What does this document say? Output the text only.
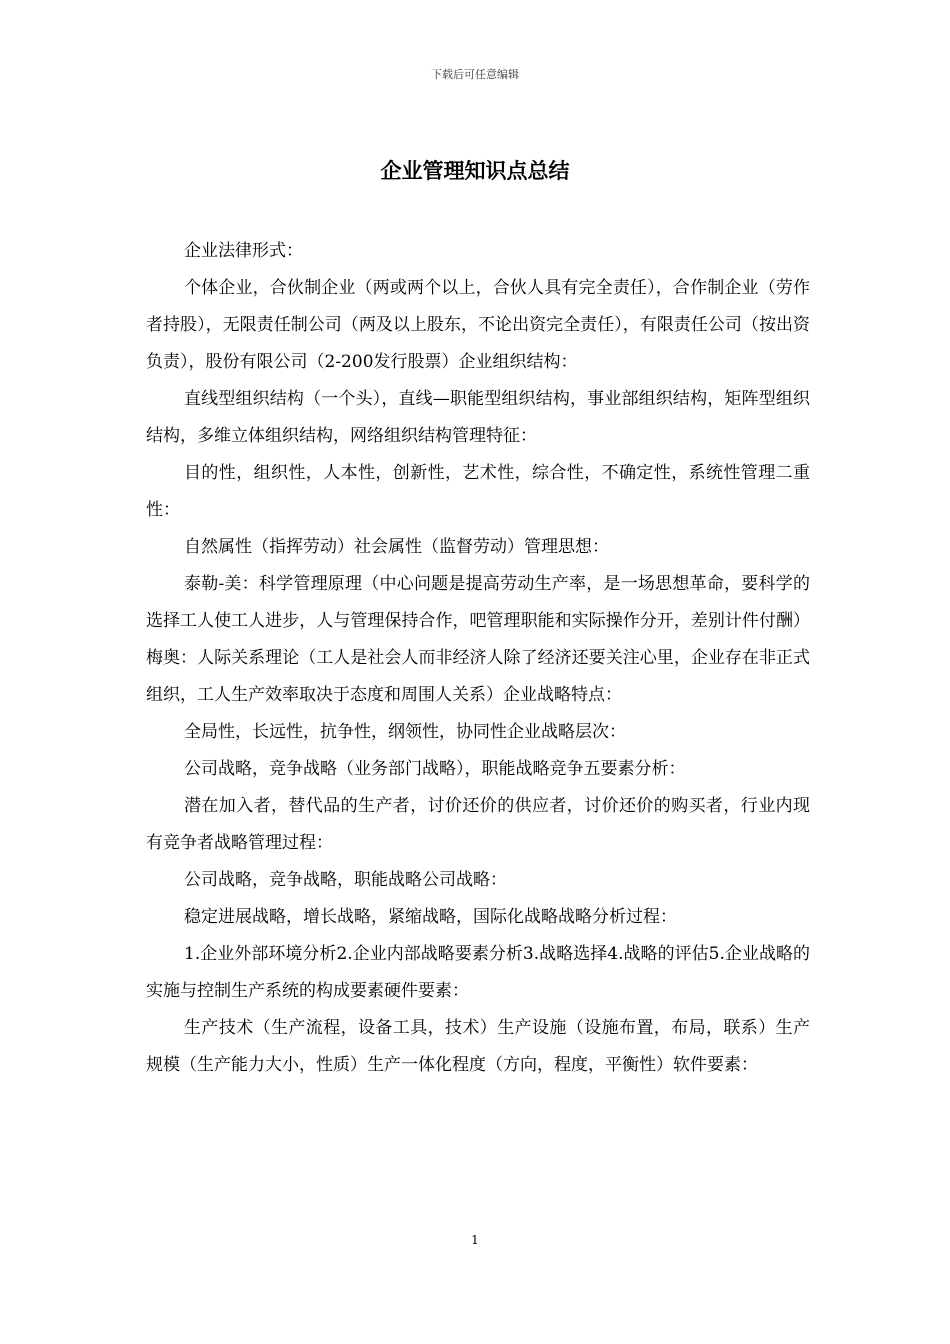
下载后可任意编辑
企业管理知识点总结

企业法律形式：

个体企业，合伙制企业（两或两个以上，合伙人具有完全责任），合作制企业（劳作者持股），无限责任制公司（两及以上股东，不论出资完全责任），有限责任公司（按出资负责），股份有限公司（2-200发行股票）企业组织结构：

直线型组织结构（一个头），直线—职能型组织结构，事业部组织结构，矩阵型组织结构，多维立体组织结构，网络组织结构管理特征：

目的性，组织性，人本性，创新性，艺术性，综合性，不确定性，系统性管理二重性：

自然属性（指挥劳动）社会属性（监督劳动）管理思想：

泰勒-美：科学管理原理（中心问题是提高劳动生产率，是一场思想革命，要科学的选择工人使工人进步，人与管理保持合作，吧管理职能和实际操作分开，差别计件付酬）梅奥：人际关系理论（工人是社会人而非经济人除了经济还要关注心里，企业存在非正式组织，工人生产效率取决于态度和周围人关系）企业战略特点：

全局性，长远性，抗争性，纲领性，协同性企业战略层次：

公司战略，竞争战略（业务部门战略），职能战略竞争五要素分析：

潜在加入者，替代品的生产者，讨价还价的供应者，讨价还价的购买者，行业内现有竞争者战略管理过程：

公司战略，竞争战略，职能战略公司战略：

稳定进展战略，增长战略，紧缩战略，国际化战略战略分析过程：

1.企业外部环境分析2.企业内部战略要素分析3.战略选择4.战略的评估5.企业战略的实施与控制生产系统的构成要素硬件要素：

生产技术（生产流程，设备工具，技术）生产设施（设施布置，布局，联系）生产规模（生产能力大小，性质）生产一体化程度（方向，程度，平衡性）软件要素：

1
